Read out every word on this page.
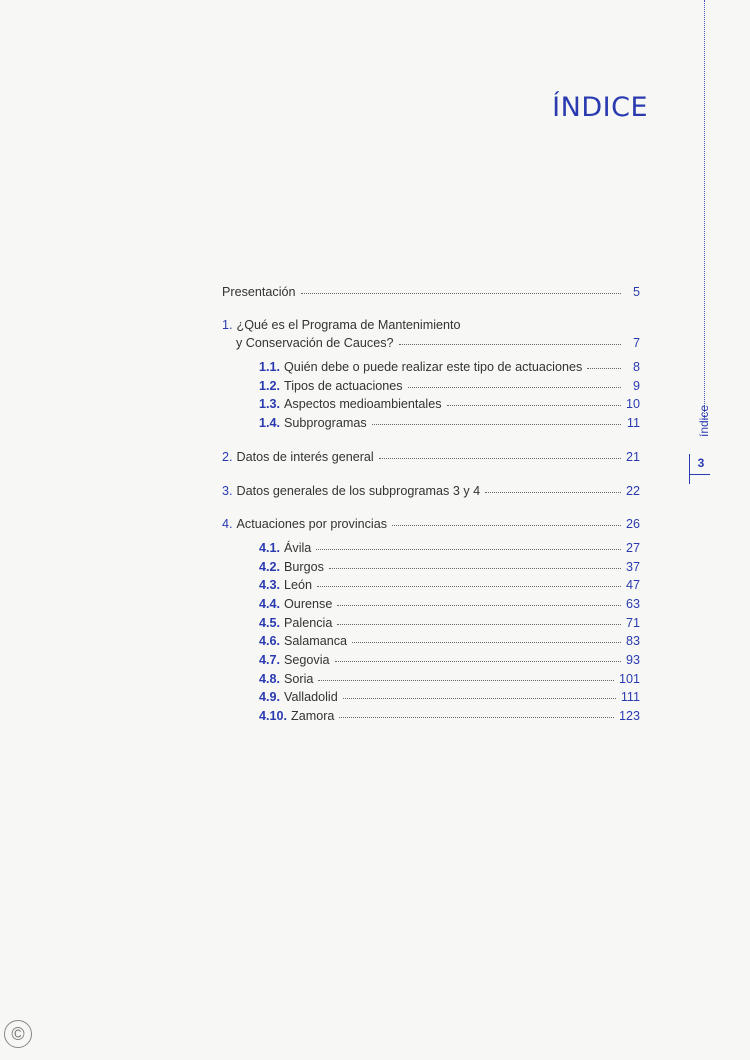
ÍNDICE
índice
3
Presentación	5
1. ¿Qué es el Programa de Mantenimiento
y Conservación de Cauces?	7
1.1. Quién debe o puede realizar este tipo de actuaciones	8
1.2. Tipos de actuaciones	9
1.3. Aspectos medioambientales	10
1.4. Subprogramas	11
2. Datos de interés general	21
3. Datos generales de los subprogramas 3 y 4	22
4. Actuaciones por provincias	26
4.1. Ávila	27
4.2. Burgos	37
4.3. León	47
4.4. Ourense	63
4.5. Palencia	71
4.6. Salamanca	83
4.7. Segovia	93
4.8. Soria	101
4.9. Valladolid	111
4.10. Zamora	123
©
